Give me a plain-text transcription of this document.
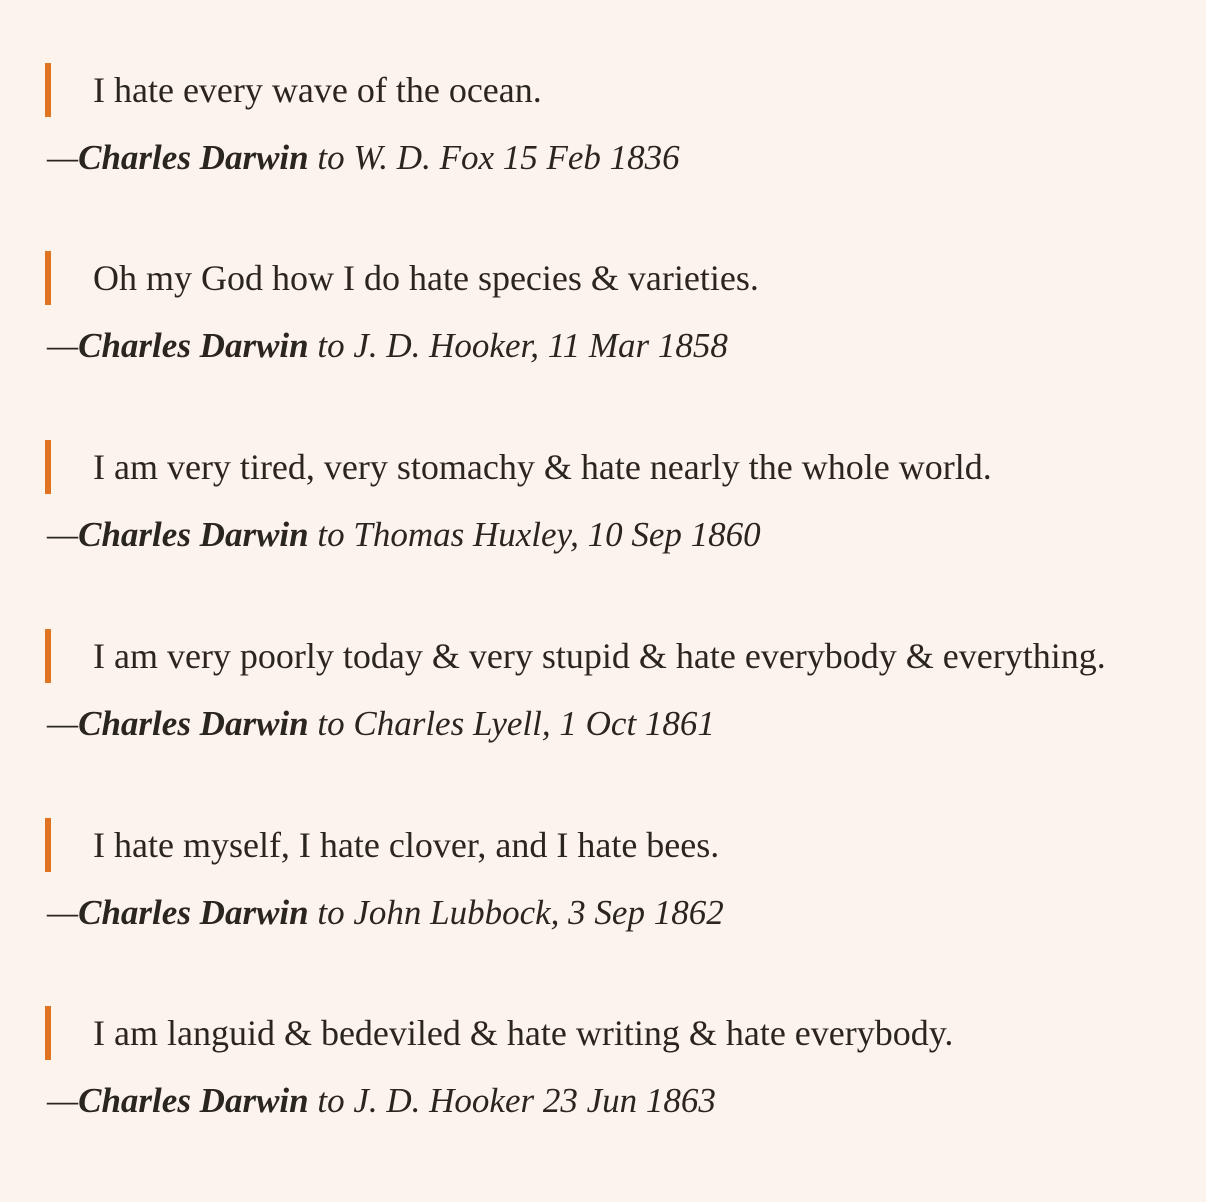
I hate every wave of the ocean.
—Charles Darwin to W. D. Fox 15 Feb 1836
Oh my God how I do hate species & varieties.
—Charles Darwin to J. D. Hooker, 11 Mar 1858
I am very tired, very stomachy & hate nearly the whole world.
—Charles Darwin to Thomas Huxley, 10 Sep 1860
I am very poorly today & very stupid & hate everybody & everything.
—Charles Darwin to Charles Lyell, 1 Oct 1861
I hate myself, I hate clover, and I hate bees.
—Charles Darwin to John Lubbock, 3 Sep 1862
I am languid & bedeviled & hate writing & hate everybody.
—Charles Darwin to J. D. Hooker 23 Jun 1863
